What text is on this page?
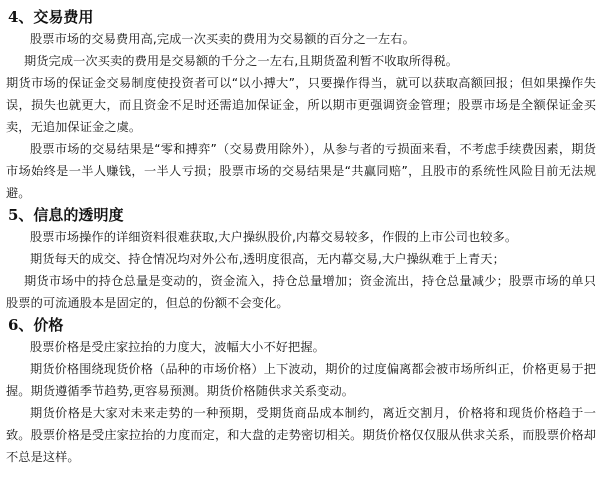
4、交易费用

股票市场的交易费用高,完成一次买卖的费用为交易额的百分之一左右。

期货完成一次买卖的费用是交易额的千分之一左右,且期货盈利暂不收取所得税。

期货市场的保证金交易制度使投资者可以“以小搏大”，只要操作得当，就可以获取高额回报；但如果操作失误，损失也就更大，而且资金不足时还需追加保证金，所以期市更强调资金管理；股票市场是全额保证金买卖，无追加保证金之虞。

股票市场的交易结果是“零和搏弈”（交易费用除外），从参与者的亏损面来看，不考虑手续费因素，期货市场始终是一半人赚钱，一半人亏损；股票市场的交易结果是“共赢同赔”，且股市的系统性风险目前无法规避。

5、信息的透明度

股票市场操作的详细资料很难获取,大户操纵股价,内幕交易较多，作假的上市公司也较多。

期货每天的成交、持仓情况均对外公布,透明度很高，无内幕交易,大户操纵难于上青天；

期货市场中的持仓总量是变动的，资金流入，持仓总量增加；资金流出，持仓总量减少；股票市场的单只股票的可流通股本是固定的，但总的份额不会变化。

6、价格

股票价格是受庄家拉抬的力度大，波幅大小不好把握。

期货价格围绕现货价格（品种的市场价格）上下波动，期价的过度偏离都会被市场所纠正，价格更易于把握。期货遵循季节趋势,更容易预测。期货价格随供求关系变动。

期货价格是大家对未来走势的一种预期，受期货商品成本制约，离近交割月，价格将和现货价格趋于一致。股票价格是受庄家拉抬的力度而定，和大盘的走势密切相关。期货价格仅仅服从供求关系，而股票价格却不总是这样。
